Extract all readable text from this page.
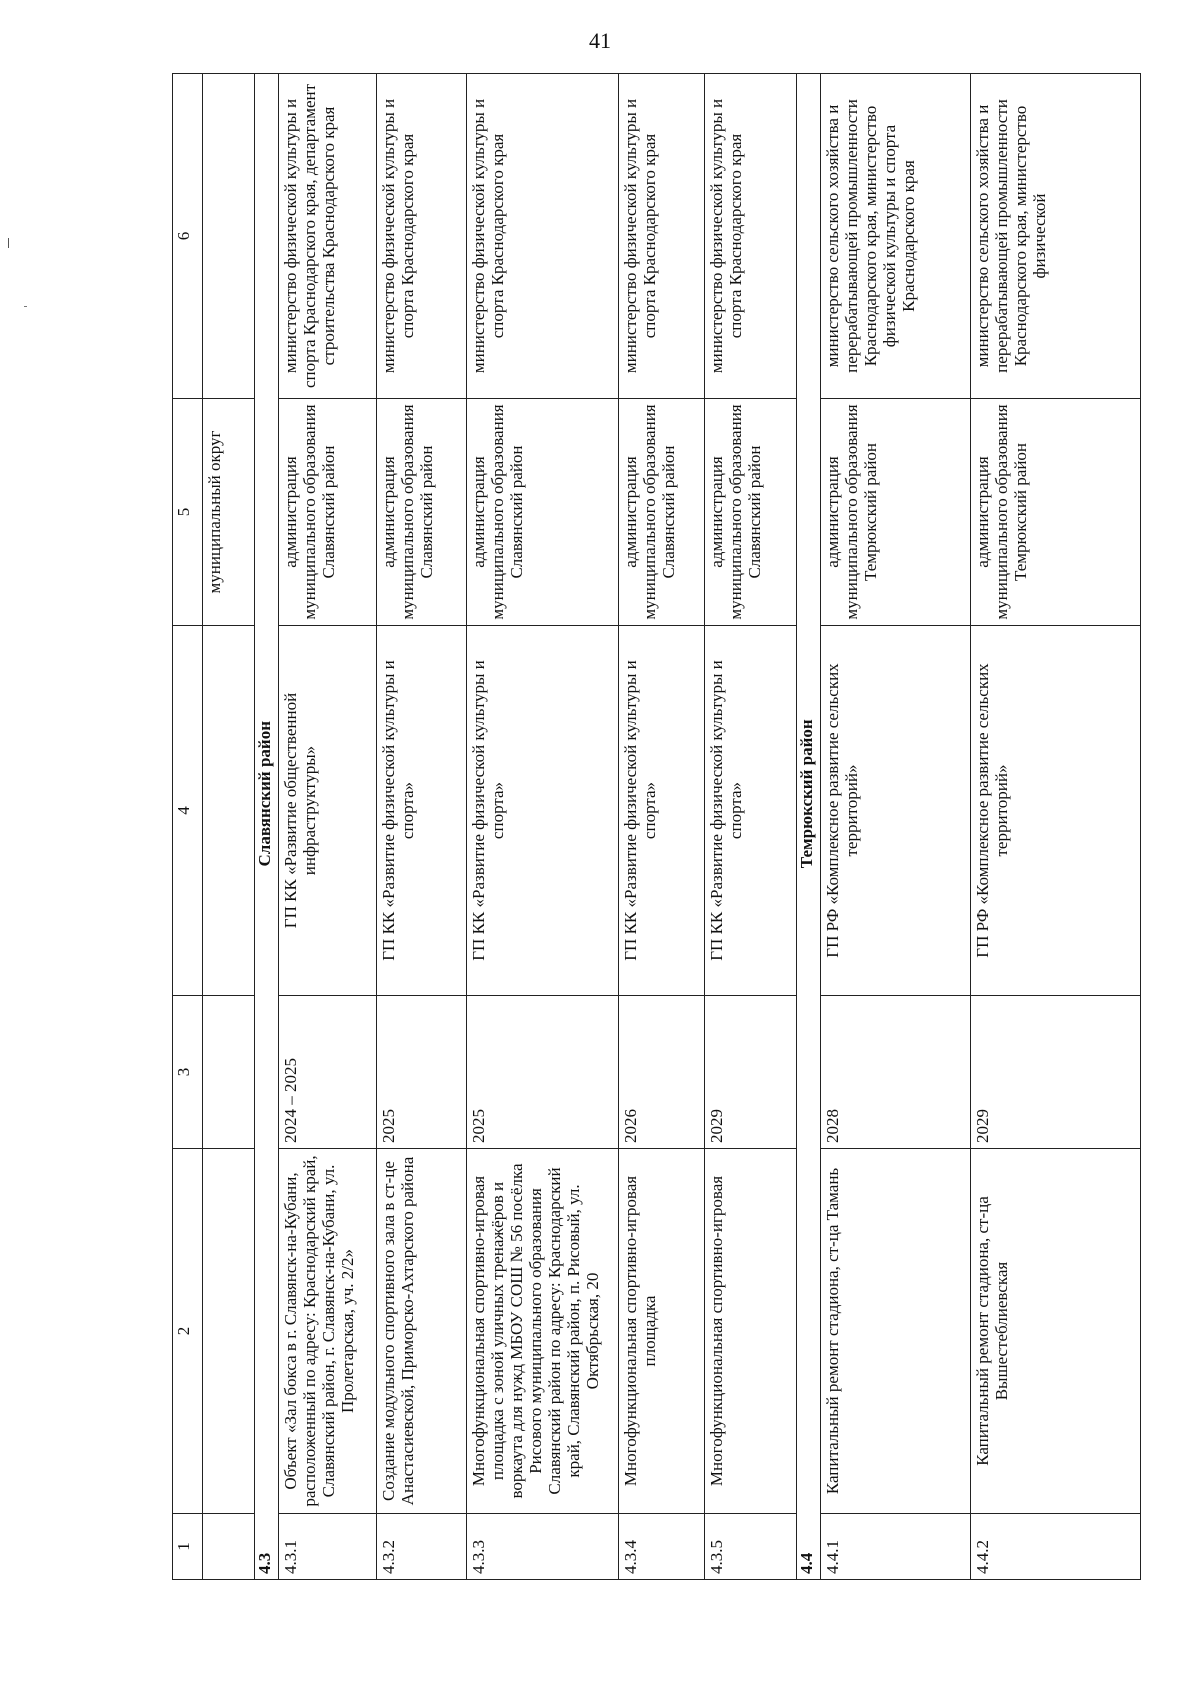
41
1	2	3	4	5	6
				муниципальный округ	
4.3	Славянский район				
4.3.1	Объект «Зал бокса в г. Славянск-на-Кубани, расположенный по адресу: Краснодарский край, Славянский район, г. Славянск-на-Кубани, ул. Пролетарская, уч. 2/2»	2024 – 2025	ГП КК «Развитие общественной инфраструктуры»	администрация муниципального образования Славянский район	министерство физической культуры и спорта Краснодарского края, департамент строительства Краснодарского края
4.3.2	Создание модульного спортивного зала в ст-це Анастасиевской, Приморско-Ахтарского района	2025	ГП КК «Развитие физической культуры и спорта»	администрация муниципального образования Славянский район	министерство физической культуры и спорта Краснодарского края
4.3.3	Многофункциональная спортивно-игровая площадка с зоной уличных тренажёров и воркаута для нужд МБОУ СОШ № 56 посёлка Рисового муниципального образования Славянский район по адресу: Краснодарский край, Славянский район, п. Рисовый, ул. Октябрьская, 20	2025	ГП КК «Развитие физической культуры и спорта»	администрация муниципального образования Славянский район	министерство физической культуры и спорта Краснодарского края
4.3.4	Многофункциональная спортивно-игровая площадка	2026	ГП КК «Развитие физической культуры и спорта»	администрация муниципального образования Славянский район	министерство физической культуры и спорта Краснодарского края
4.3.5	Многофункциональная спортивно-игровая	2029	ГП КК «Развитие физической культуры и спорта»	администрация муниципального образования Славянский район	министерство физической культуры и спорта Краснодарского края
4.4	Темрюкский район				
4.4.1	Капитальный ремонт стадиона, ст-ца Тамань	2028	ГП РФ «Комплексное развитие сельских территорий»	администрация муниципального образования Темрюкский район	министерство сельского хозяйства и перерабатывающей промышленности Краснодарского края, министерство физической культуры и спорта Краснодарского края
4.4.2	Капитальный ремонт стадиона, ст-ца Вышестеблиевская	2029	ГП РФ «Комплексное развитие сельских территорий»	администрация муниципального образования Темрюкский район	министерство сельского хозяйства и перерабатывающей промышленности Краснодарского края, министерство физической
